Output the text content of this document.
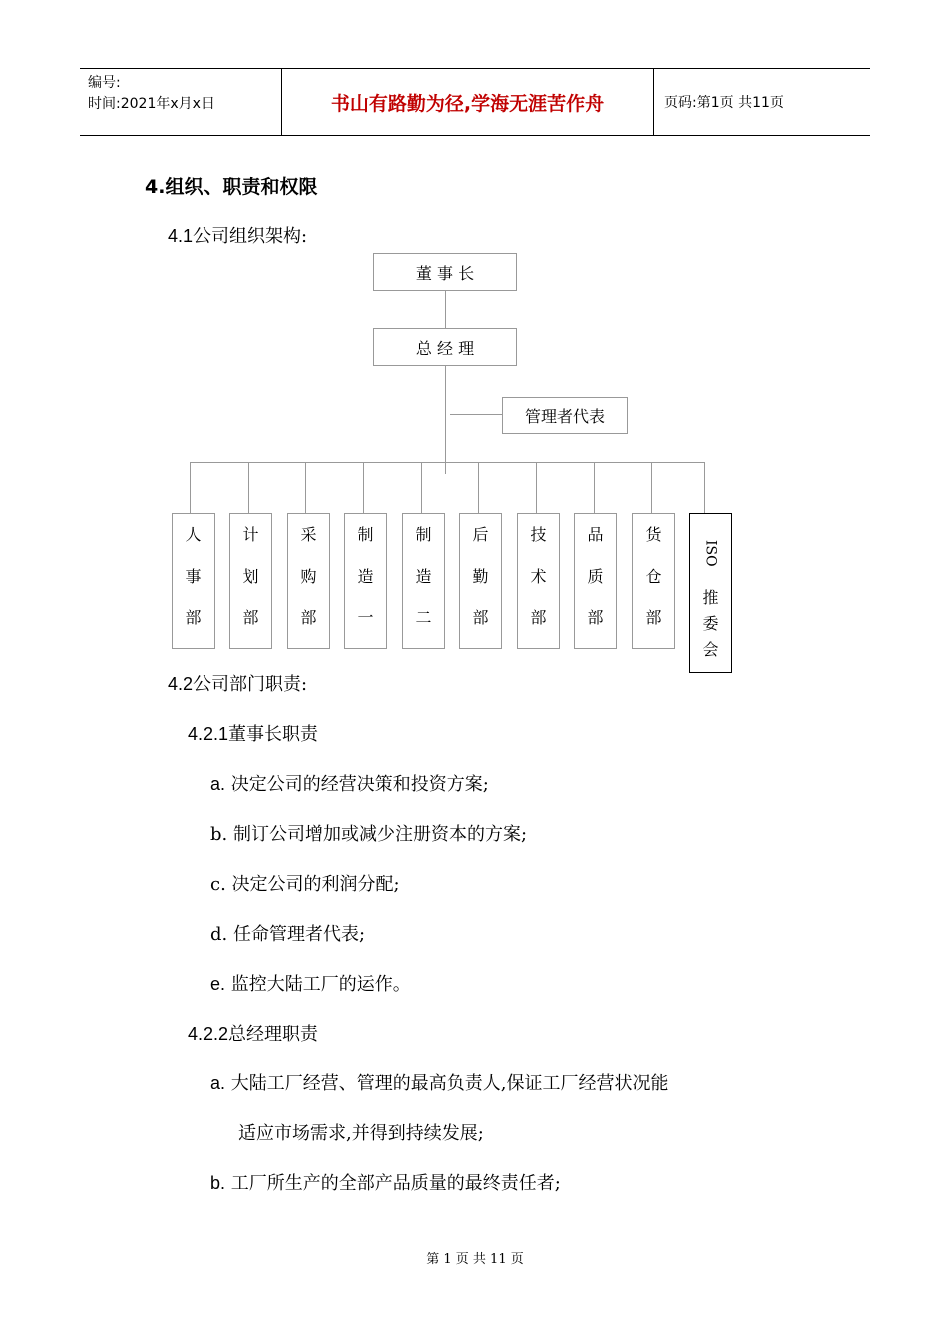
编号:
时间:2021年x月x日	书山有路勤为径,学海无涯苦作舟	页码:第1页 共11页
4.组织、职责和权限
4.1公司组织架构:
董 事 长
总 经 理
管理者代表
人
事
部
计
划
部
采
购
部
制
造
一
制
造
二
后
勤
部
技
术
部
品
质
部
货
仓
部
ISO
推
委
会
4.2公司部门职责:
4.2.1董事长职责
a. 决定公司的经营决策和投资方案;
b. 制订公司增加或减少注册资本的方案;
c. 决定公司的利润分配;
d. 任命管理者代表;
e. 监控大陆工厂的运作。
4.2.2总经理职责
a. 大陆工厂经营、管理的最高负责人,保证工厂经营状况能
适应市场需求,并得到持续发展;
b. 工厂所生产的全部产品质量的最终责任者;
第 1 页 共 11 页
